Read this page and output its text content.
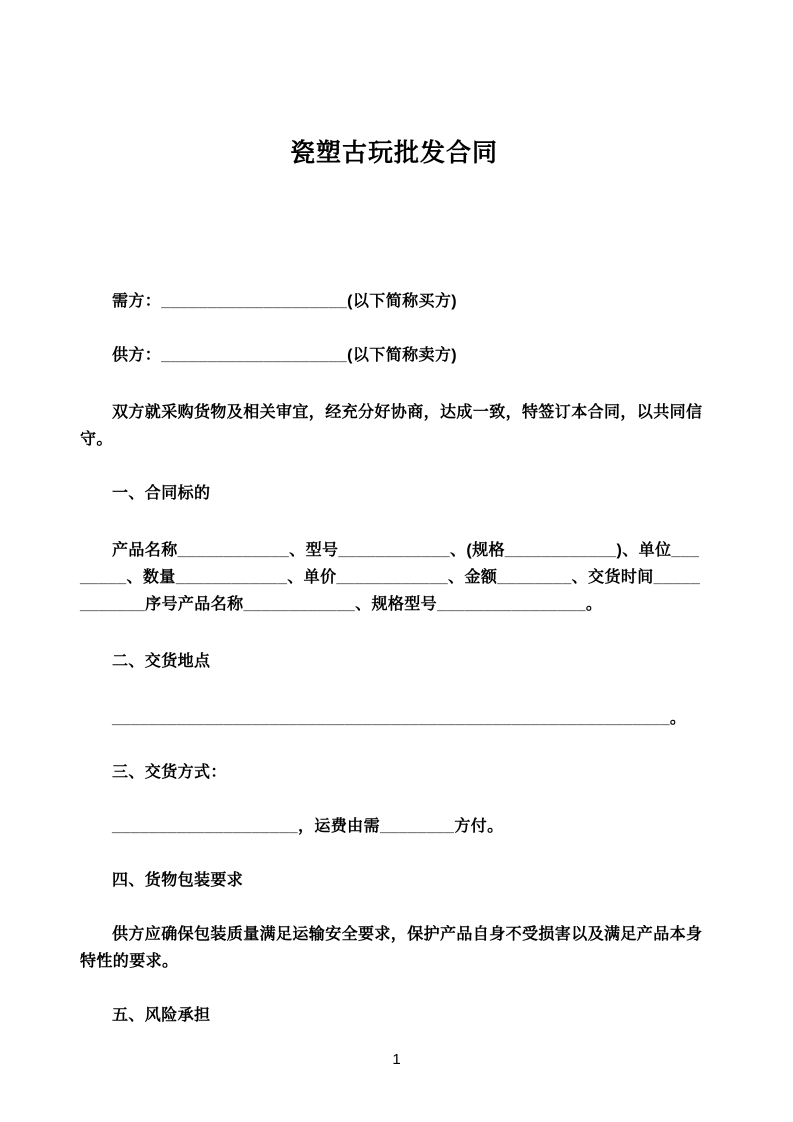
瓷塑古玩批发合同

需方：____________________(以下简称买方)

供方：____________________(以下简称卖方)

双方就采购货物及相关审宜，经充分好协商，达成一致，特签订本合同，以共同信守。

一、合同标的

产品名称____________、型号____________、(规格____________)、单位________、数量____________、单价____________、金额________、交货时间____________序号产品名称____________、规格型号________________。

二、交货地点

____________________________________________________________。

三、交货方式：

____________________，运费由需________方付。

四、货物包装要求

供方应确保包装质量满足运输安全要求，保护产品自身不受损害以及满足产品本身特性的要求。

五、风险承担

1
